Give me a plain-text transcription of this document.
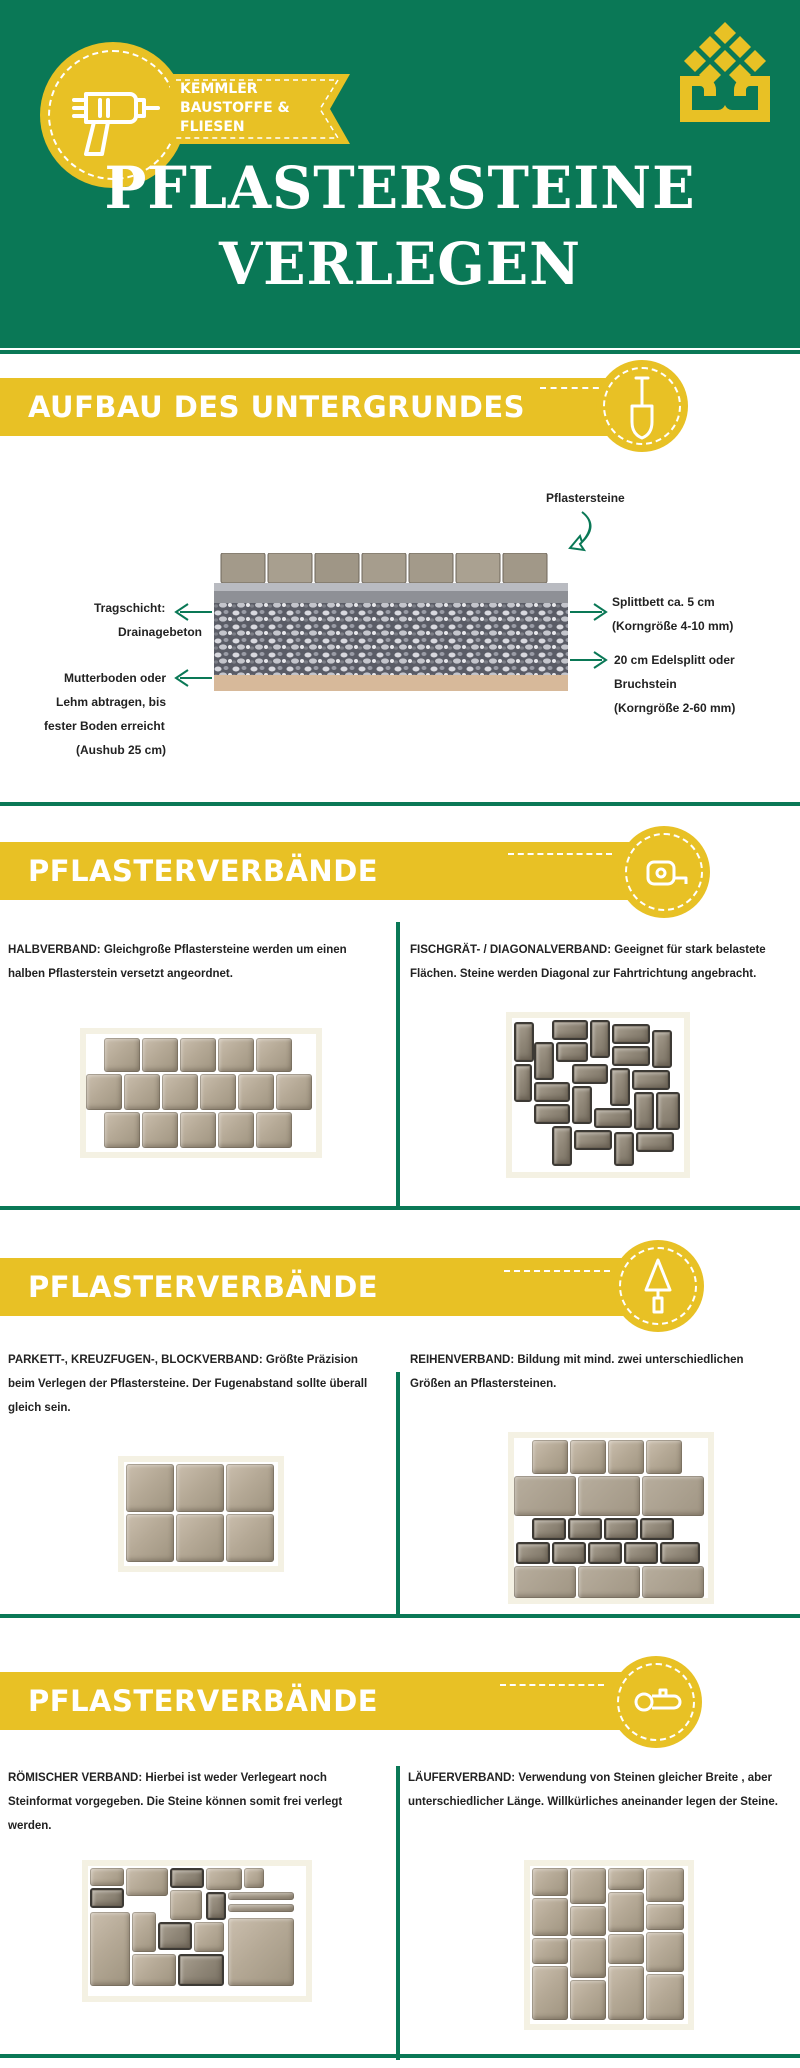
KEMMLER
BAUSTOFFE &
FLIESEN
PFLASTERSTEINE
VERLEGEN
AUFBAU DES UNTERGRUNDES
Pflastersteine
Tragschicht:
Drainagebeton
Mutterboden oder
Lehm abtragen, bis
fester Boden erreicht
(Aushub 25 cm)
Splittbett ca. 5 cm
(Korngröße 4-10 mm)
20 cm Edelsplitt oder
Bruchstein
(Korngröße 2-60 mm)
PFLASTERVERBÄNDE
HALBVERBAND: Gleichgroße Pflastersteine werden um einen
halben Pflasterstein versetzt angeordnet.
FISCHGRÄT- / DIAGONALVERBAND: Geeignet für stark belastete
Flächen. Steine werden Diagonal zur Fahrtrichtung angebracht.
PFLASTERVERBÄNDE
PARKETT-, KREUZFUGEN-, BLOCKVERBAND: Größte Präzision
beim Verlegen der Pflastersteine. Der Fugenabstand sollte überall
gleich sein.
REIHENVERBAND: Bildung mit mind. zwei unterschiedlichen
Größen an Pflastersteinen.
PFLASTERVERBÄNDE
RÖMISCHER VERBAND: Hierbei ist weder Verlegeart noch
Steinformat vorgegeben. Die Steine können somit frei verlegt
werden.
LÄUFERVERBAND: Verwendung von Steinen gleicher Breite , aber
unterschiedlicher Länge. Willkürliches aneinander legen der Steine.
